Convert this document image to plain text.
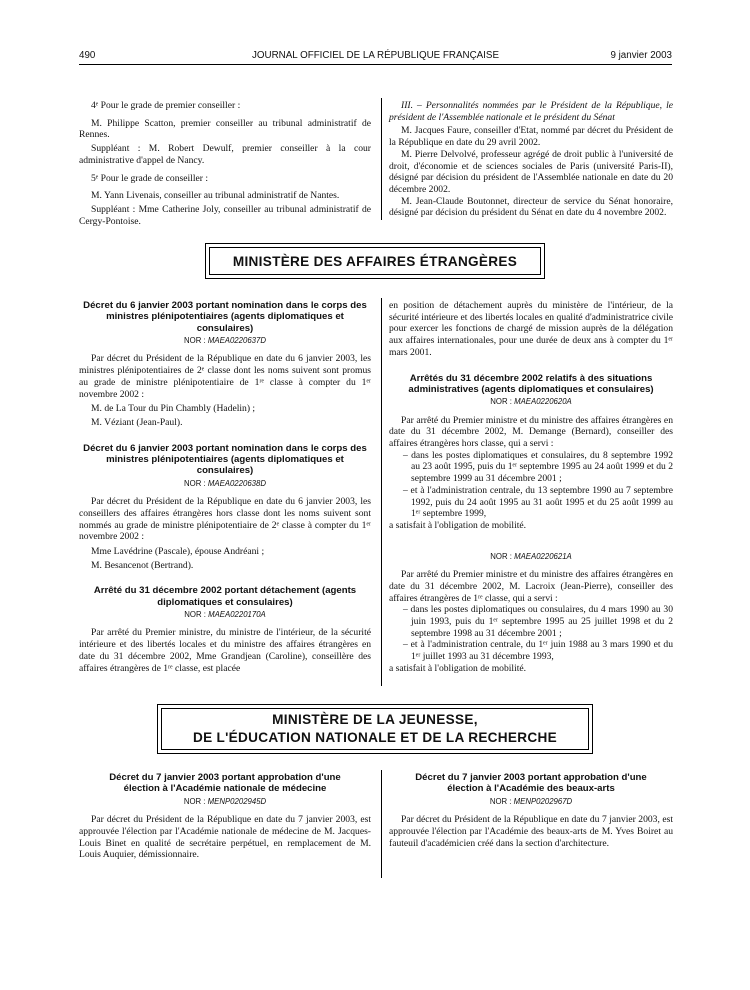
490	JOURNAL OFFICIEL DE LA RÉPUBLIQUE FRANÇAISE	9 janvier 2003

4ᵉ Pour le grade de premier conseiller :

M. Philippe Scatton, premier conseiller au tribunal administratif de Rennes.

Suppléant : M. Robert Dewulf, premier conseiller à la cour administrative d'appel de Nancy.

5ᵉ Pour le grade de conseiller :

M. Yann Livenais, conseiller au tribunal administratif de Nantes.

Suppléant : Mme Catherine Joly, conseiller au tribunal administratif de Cergy-Pontoise.

III. – Personnalités nommées par le Président de la République, le président de l'Assemblée nationale et le président du Sénat

M. Jacques Faure, conseiller d'Etat, nommé par décret du Président de la République en date du 29 avril 2002.

M. Pierre Delvolvé, professeur agrégé de droit public à l'université de droit, d'économie et de sciences sociales de Paris (université Paris-II), désigné par décision du président de l'Assemblée nationale en date du 20 décembre 2002.

M. Jean-Claude Boutonnet, directeur de service du Sénat honoraire, désigné par décision du président du Sénat en date du 4 novembre 2002.

MINISTÈRE DES AFFAIRES ÉTRANGÈRES
Décret du 6 janvier 2003 portant nomination dans le corps des ministres plénipotentiaires (agents diplomatiques et consulaires)
NOR : MAEA0220637D

Par décret du Président de la République en date du 6 janvier 2003, les ministres plénipotentiaires de 2ᵉ classe dont les noms suivent sont promus au grade de ministre plénipotentiaire de 1ʳᵉ classe à compter du 1ᵉʳ novembre 2002 :

M. de La Tour du Pin Chambly (Hadelin) ;

M. Véziant (Jean-Paul).

Décret du 6 janvier 2003 portant nomination dans le corps des ministres plénipotentiaires (agents diplomatiques et consulaires)
NOR : MAEA0220638D

Par décret du Président de la République en date du 6 janvier 2003, les conseillers des affaires étrangères hors classe dont les noms suivent sont nommés au grade de ministre plénipotentiaire de 2ᵉ classe à compter du 1ᵉʳ novembre 2002 :

Mme Lavédrine (Pascale), épouse Andréani ;

M. Besancenot (Bertrand).

Arrêté du 31 décembre 2002 portant détachement (agents diplomatiques et consulaires)
NOR : MAEA0220170A

Par arrêté du Premier ministre, du ministre de l'intérieur, de la sécurité intérieure et des libertés locales et du ministre des affaires étrangères en date du 31 décembre 2002, Mme Grandjean (Caroline), conseillère des affaires étrangères de 1ʳᵉ classe, est placée

en position de détachement auprès du ministère de l'intérieur, de la sécurité intérieure et des libertés locales en qualité d'administratrice civile pour exercer les fonctions de chargé de mission auprès de la délégation aux affaires internationales, pour une durée de deux ans à compter du 1ᵉʳ mars 2001.

Arrêtés du 31 décembre 2002 relatifs à des situations administratives (agents diplomatiques et consulaires)
NOR : MAEA0220620A

Par arrêté du Premier ministre et du ministre des affaires étrangères en date du 31 décembre 2002, M. Demange (Bernard), conseiller des affaires étrangères hors classe, qui a servi :

– dans les postes diplomatiques et consulaires, du 8 septembre 1992 au 23 août 1995, puis du 1ᵉʳ septembre 1995 au 24 août 1999 et du 2 septembre 1999 au 31 décembre 2001 ;

– et à l'administration centrale, du 13 septembre 1990 au 7 septembre 1992, puis du 24 août 1995 au 31 août 1995 et du 25 août 1999 au 1ᵉʳ septembre 1999,

a satisfait à l'obligation de mobilité.

NOR : MAEA0220621A

Par arrêté du Premier ministre et du ministre des affaires étrangères en date du 31 décembre 2002, M. Lacroix (Jean-Pierre), conseiller des affaires étrangères de 1ʳᵉ classe, qui a servi :

– dans les postes diplomatiques ou consulaires, du 4 mars 1990 au 30 juin 1993, puis du 1ᵉʳ septembre 1995 au 25 juillet 1998 et du 2 septembre 1998 au 31 décembre 2001 ;

– et à l'administration centrale, du 1ᵉʳ juin 1988 au 3 mars 1990 et du 1ᵉʳ juillet 1993 au 31 décembre 1993,

a satisfait à l'obligation de mobilité.

MINISTÈRE DE LA JEUNESSE,
DE L'ÉDUCATION NATIONALE ET DE LA RECHERCHE
Décret du 7 janvier 2003 portant approbation d'une élection à l'Académie nationale de médecine
NOR : MENP0202945D

Par décret du Président de la République en date du 7 janvier 2003, est approuvée l'élection par l'Académie nationale de médecine de M. Jacques-Louis Binet en qualité de secrétaire perpétuel, en remplacement de M. Louis Auquier, démissionnaire.

Décret du 7 janvier 2003 portant approbation d'une élection à l'Académie des beaux-arts
NOR : MENP0202967D

Par décret du Président de la République en date du 7 janvier 2003, est approuvée l'élection par l'Académie des beaux-arts de M. Yves Boiret au fauteuil d'académicien créé dans la section d'architecture.
